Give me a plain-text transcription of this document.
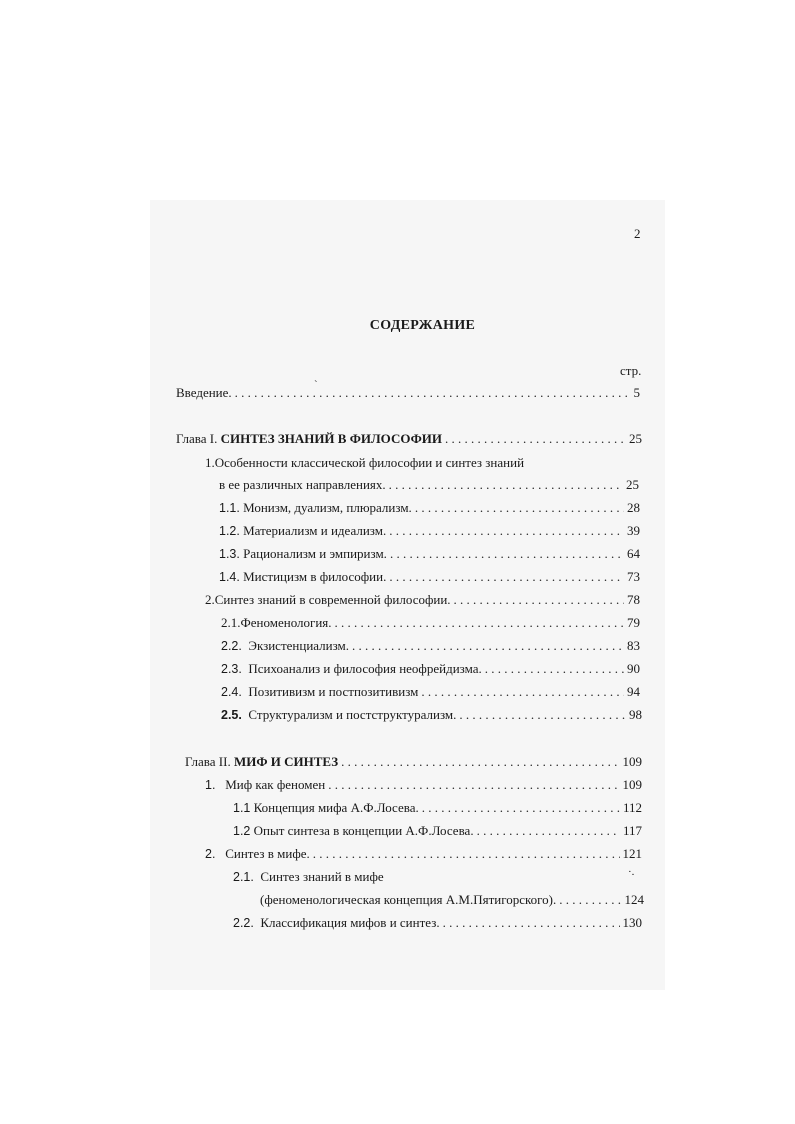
2
СОДЕРЖАНИЕ
стр.
ˋ
Введение. . . .	5
Глава I. СИНТЕЗ ЗНАНИЙ В ФИЛОСОФИИ . . .	25
1.Особенности классической философии и синтез знаний
в ее различных направлениях. . . .	25
1.1. Монизм, дуализм, плюрализм. . . .	28
1.2. Материализм и идеализм. . . .	39
1.3. Рационализм и эмпиризм. . . .	64
1.4. Мистицизм в философии. . . .	73
2.Синтез знаний в современной философии. . . .	78
2.1.Феноменология. . . .	79
2.2. Экзистенциализм. . . .	83
2.3. Психоанализ и философия неофрейдизма. . . .	90
2.4. Позитивизм и постпозитивизм . . .	94
2.5. Структурализм и постструктурализм. . . .	98
Глава II. МИФ И СИНТЕЗ . . .	109
1. Миф как феномен . . .	109
1.1 Концепция мифа А.Ф.Лосева. . . .	112
1.2 Опыт синтеза в концепции А.Ф.Лосева. . . .	117
2. Синтез в мифе. . . .	121
2.1. Синтез знаний в мифе	·.
(феноменологическая концепция А.М.Пятигорского). . . .	124
2.2. Классификация мифов и синтез. . . .	130
